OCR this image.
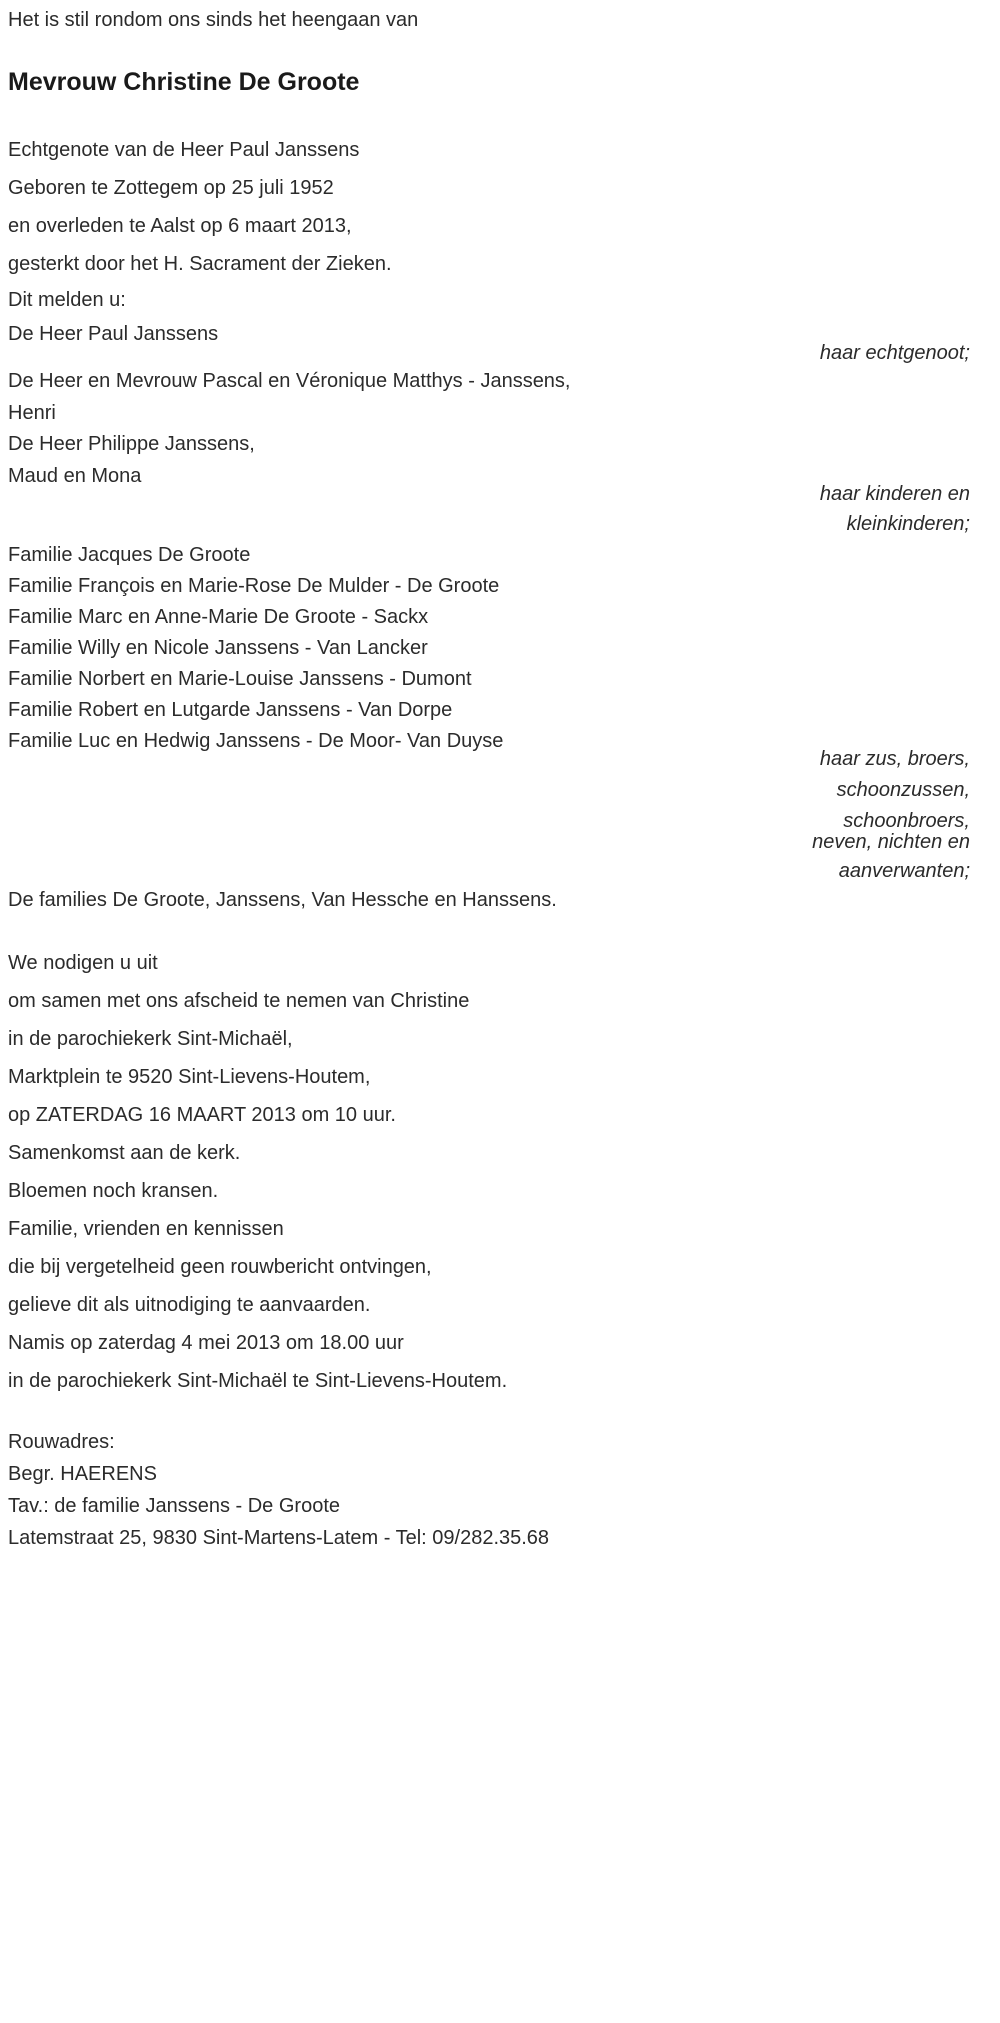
Het is stil rondom ons sinds het heengaan van
Mevrouw Christine De Groote
Echtgenote van de Heer Paul Janssens
Geboren te Zottegem op 25 juli 1952
en overleden te Aalst op 6 maart 2013,
gesterkt door het H. Sacrament der Zieken.
Dit melden u:
De Heer Paul Janssens
haar echtgenoot;
De Heer en Mevrouw Pascal en Véronique Matthys - Janssens,
Henri
De Heer Philippe Janssens,
Maud en Mona
haar kinderen en
kleinkinderen;
Familie Jacques De Groote
Familie François en Marie-Rose De Mulder - De Groote
Familie Marc en Anne-Marie De Groote - Sackx
Familie Willy en Nicole Janssens - Van Lancker
Familie Norbert en Marie-Louise Janssens - Dumont
Familie Robert en Lutgarde Janssens - Van Dorpe
Familie Luc en Hedwig Janssens - De Moor- Van Duyse
haar zus, broers,
schoonzussen,
schoonbroers,
neven, nichten en
aanverwanten;
De families De Groote, Janssens, Van Hessche en Hanssens.
We nodigen u uit
om samen met ons afscheid te nemen van Christine
in de parochiekerk Sint-Michaël,
Marktplein te 9520 Sint-Lievens-Houtem,
op ZATERDAG 16 MAART 2013 om 10 uur.
Samenkomst aan de kerk.
Bloemen noch kransen.
Familie, vrienden en kennissen
die bij vergetelheid geen rouwbericht ontvingen,
gelieve dit als uitnodiging te aanvaarden.
Namis op zaterdag 4 mei 2013 om 18.00 uur
in de parochiekerk Sint-Michaël te Sint-Lievens-Houtem.
Rouwadres:
Begr. HAERENS
Tav.: de familie Janssens - De Groote
Latemstraat 25, 9830 Sint-Martens-Latem - Tel: 09/282.35.68
